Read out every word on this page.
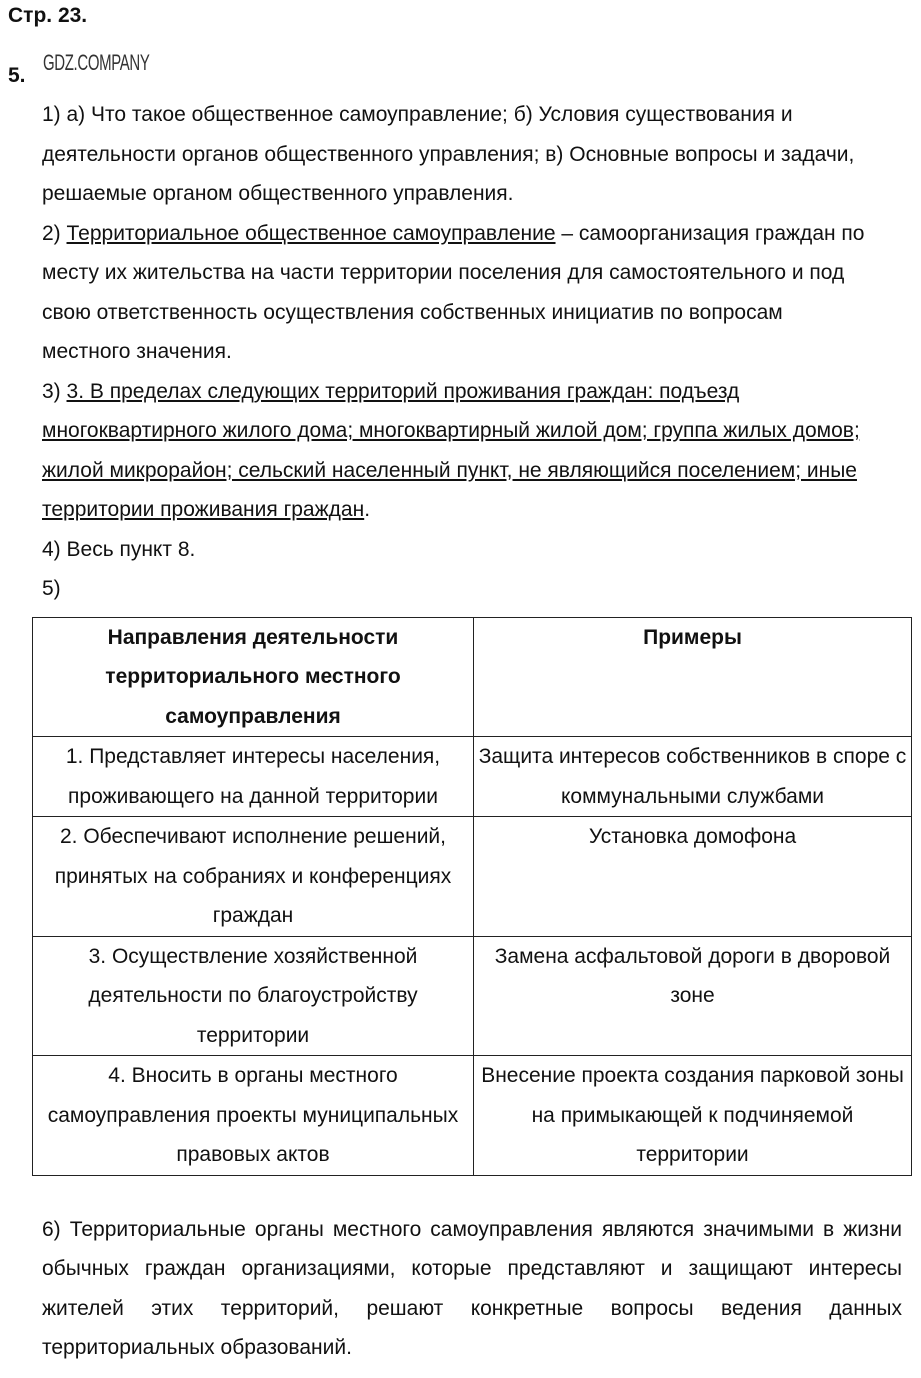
Стр. 23.
5.
GDZ.COMPANY
1) а) Что такое общественное самоуправление; б) Условия существования и деятельности органов общественного управления; в) Основные вопросы и задачи, решаемые органом общественного управления.
2) Территориальное общественное самоуправление – самоорганизация граждан по месту их жительства на части территории поселения для самостоятельного и под свою ответственность осуществления собственных инициатив по вопросам местного значения.
3) 3. В пределах следующих территорий проживания граждан: подъезд многоквартирного жилого дома; многоквартирный жилой дом; группа жилых домов; жилой микрорайон; сельский населенный пункт, не являющийся поселением; иные территории проживания граждан.
4) Весь пункт 8.
5)
Направления деятельности территориального местного самоуправления	Примеры
1. Представляет интересы населения, проживающего на данной территории	Защита интересов собственников в споре с коммунальными службами
2. Обеспечивают исполнение решений, принятых на собраниях и конференциях граждан	Установка домофона
3. Осуществление хозяйственной деятельности по благоустройству территории	Замена асфальтовой дороги в дворовой зоне
4. Вносить в органы местного самоуправления проекты муниципальных правовых актов	Внесение проекта создания парковой зоны на примыкающей к подчиняемой территории
6) Территориальные органы местного самоуправления являются значимыми в жизни обычных граждан организациями, которые представляют и защищают интересы жителей этих территорий, решают конкретные вопросы ведения данных территориальных образований.
